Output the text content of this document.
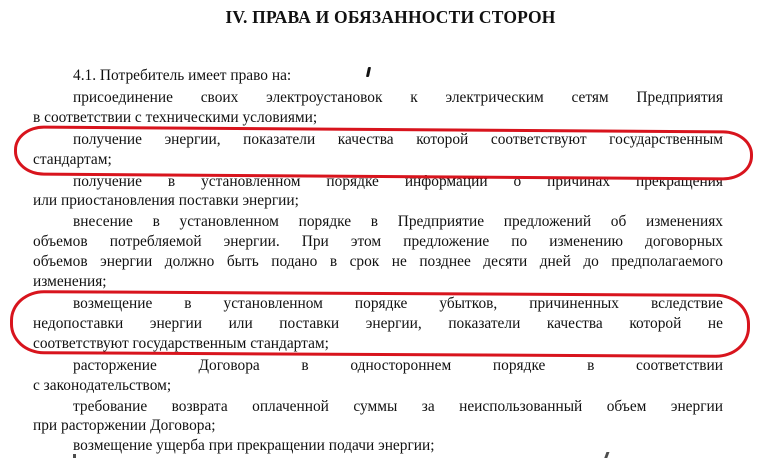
IV. ПРАВА И ОБЯЗАННОСТИ СТОРОН
4.1. Потребитель имеет право на:
присоединение своих электроустановок к электрическим сетям Предприятия
в соответствии с техническими условиями;
получение энергии, показатели качества которой соответствуют государственным
стандартам;
получение в установленном порядке информации о причинах прекращения
или приостановления поставки энергии;
внесение в установленном порядке в Предприятие предложений об изменениях
объемов потребляемой энергии. При этом предложение по изменению договорных
объемов энергии должно быть подано в срок не позднее десяти дней до предполагаемого
изменения;
возмещение в установленном порядке убытков, причиненных вследствие
недопоставки энергии или поставки энергии, показатели качества которой не
соответствуют государственным стандартам;
расторжение Договора в одностороннем порядке в соответствии
с законодательством;
требование возврата оплаченной суммы за неиспользованный объем энергии
при расторжении Договора;
возмещение ущерба при прекращении подачи энергии;
